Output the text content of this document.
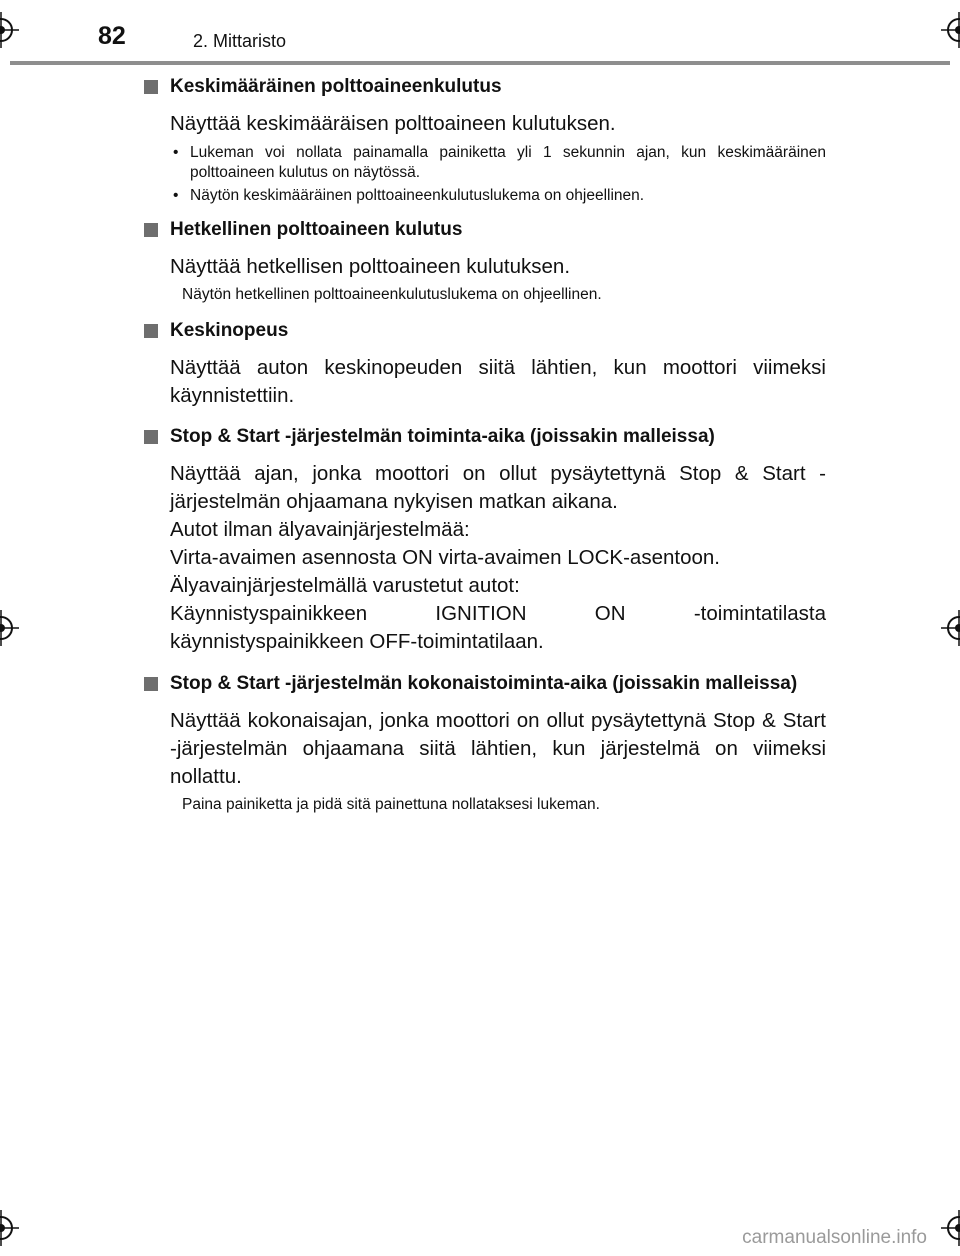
82	2. Mittaristo
Keskimääräinen polttoaineenkulutus

Näyttää keskimääräisen polttoaineen kulutuksen.

• Lukeman voi nollata painamalla painiketta yli 1 sekunnin ajan, kun keskimääräinen polttoaineen kulutus on näytössä.
• Näytön keskimääräinen polttoaineenkulutuslukema on ohjeellinen.
Hetkellinen polttoaineen kulutus

Näyttää hetkellisen polttoaineen kulutuksen.

Näytön hetkellinen polttoaineenkulutuslukema on ohjeellinen.

Keskinopeus

Näyttää auton keskinopeuden siitä lähtien, kun moottori viimeksi käynnistettiin.

Stop & Start -järjestelmän toiminta-aika (joissakin malleissa)

Näyttää ajan, jonka moottori on ollut pysäytettynä Stop & Start -järjestelmän ohjaamana nykyisen matkan aikana.

Autot ilman älyavainjärjestelmää:
Virta-avaimen asennosta ON virta-avaimen LOCK-asentoon.
Älyavainjärjestelmällä varustetut autot:

Käynnistyspainikkeen IGNITION ON -toimintatilasta käynnistyspainikkeen OFF-toimintatilaan.

Stop & Start -järjestelmän kokonaistoiminta-aika (joissakin malleissa)

Näyttää kokonaisajan, jonka moottori on ollut pysäytettynä Stop & Start -järjestelmän ohjaamana siitä lähtien, kun järjestelmä on viimeksi nollattu.

Paina painiketta ja pidä sitä painettuna nollataksesi lukeman.

carmanualsonline.info
